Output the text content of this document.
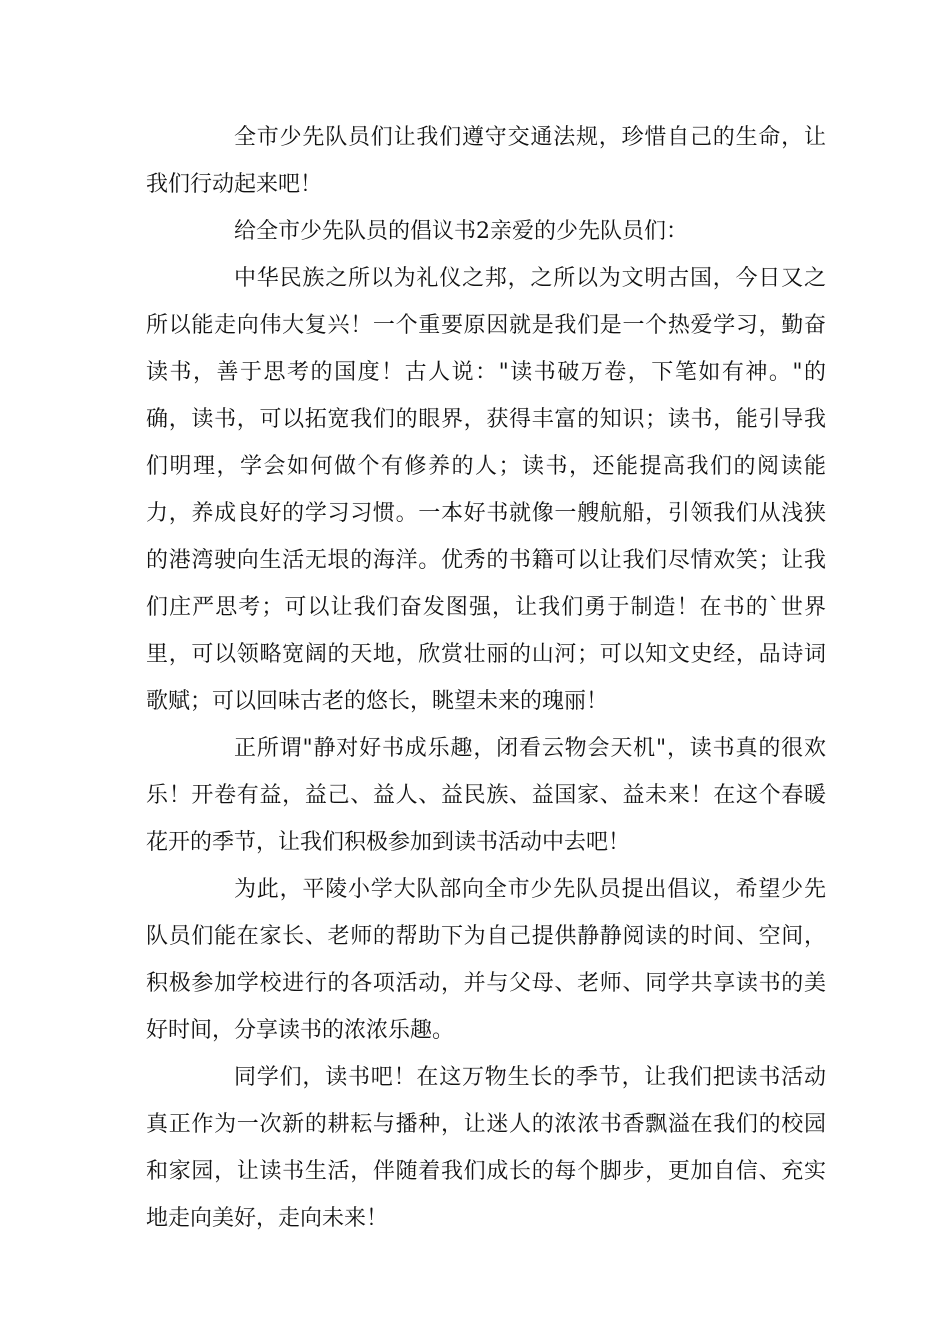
全市少先队员们让我们遵守交通法规，珍惜自己的生命，让我们行动起来吧！

给全市少先队员的倡议书2亲爱的少先队员们：

中华民族之所以为礼仪之邦，之所以为文明古国，今日又之所以能走向伟大复兴！一个重要原因就是我们是一个热爱学习，勤奋读书，善于思考的国度！古人说："读书破万卷，下笔如有神。"的确，读书，可以拓宽我们的眼界，获得丰富的知识；读书，能引导我们明理，学会如何做个有修养的人；读书，还能提高我们的阅读能力，养成良好的学习习惯。一本好书就像一艘航船，引领我们从浅狭的港湾驶向生活无垠的海洋。优秀的书籍可以让我们尽情欢笑；让我们庄严思考；可以让我们奋发图强，让我们勇于制造！在书的`世界里，可以领略宽阔的天地，欣赏壮丽的山河；可以知文史经，品诗词歌赋；可以回味古老的悠长，眺望未来的瑰丽！

正所谓"静对好书成乐趣，闭看云物会天机"，读书真的很欢乐！开卷有益，益己、益人、益民族、益国家、益未来！在这个春暖花开的季节，让我们积极参加到读书活动中去吧！

为此，平陵小学大队部向全市少先队员提出倡议，希望少先队员们能在家长、老师的帮助下为自己提供静静阅读的时间、空间，积极参加学校进行的各项活动，并与父母、老师、同学共享读书的美好时间，分享读书的浓浓乐趣。

同学们，读书吧！在这万物生长的季节，让我们把读书活动真正作为一次新的耕耘与播种，让迷人的浓浓书香飘溢在我们的校园和家园，让读书生活，伴随着我们成长的每个脚步，更加自信、充实地走向美好，走向未来！
